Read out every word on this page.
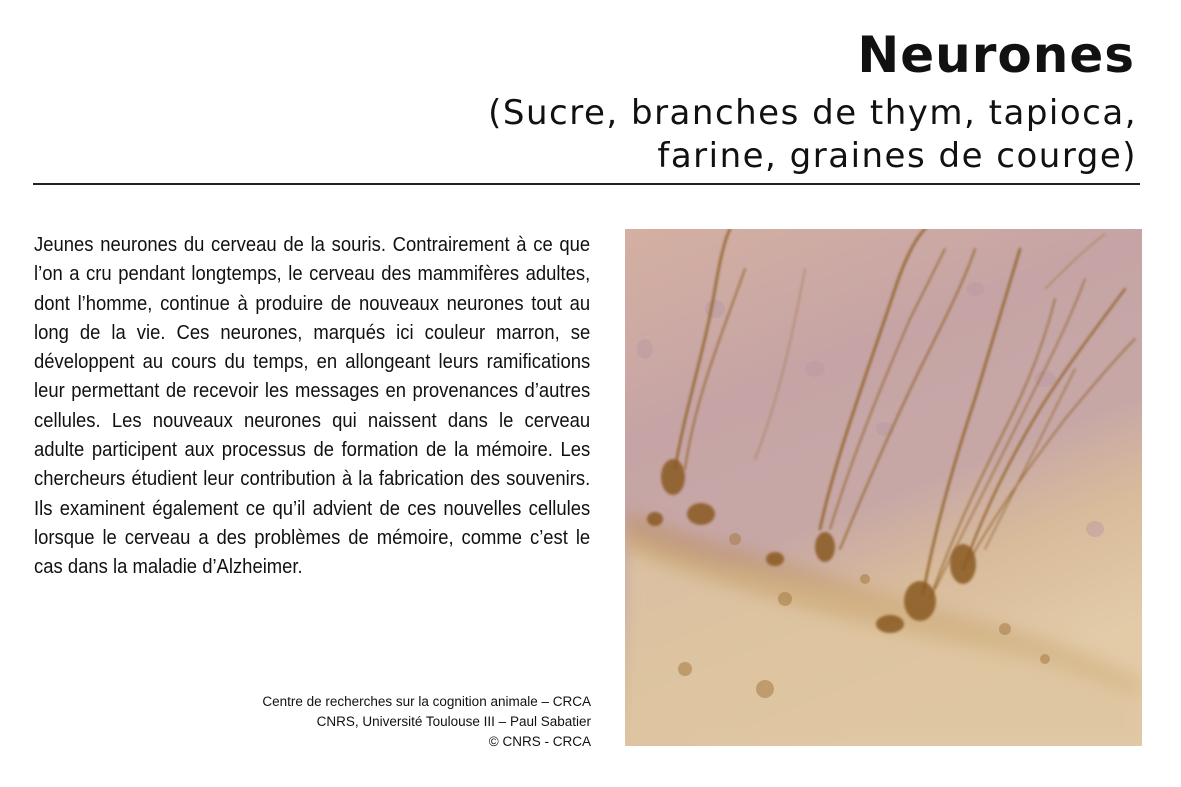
Neurones
(Sucre, branches de thym, tapioca,
farine, graines de courge)

Jeunes neurones du cerveau de la souris. Contrairement à ce que l’on a cru pendant longtemps, le cerveau des mammifères adultes, dont l’homme, continue à produire de nouveaux neurones tout au long de la vie. Ces neurones, marqués ici couleur marron, se développent au cours du temps, en allongeant leurs ramifications leur permettant de recevoir les messages en provenances d’autres cellules. Les nouveaux neurones qui naissent dans le cerveau adulte participent aux processus de formation de la mémoire. Les chercheurs étudient leur contribution à la fabrication des souvenirs. Ils examinent également ce qu’il advient de ces nouvelles cellules lorsque le cerveau a des problèmes de mémoire, comme c’est le cas dans la maladie d’Alzheimer.

Centre de recherches sur la cognition animale – CRCA
CNRS, Université Toulouse III – Paul Sabatier
© CNRS - CRCA
